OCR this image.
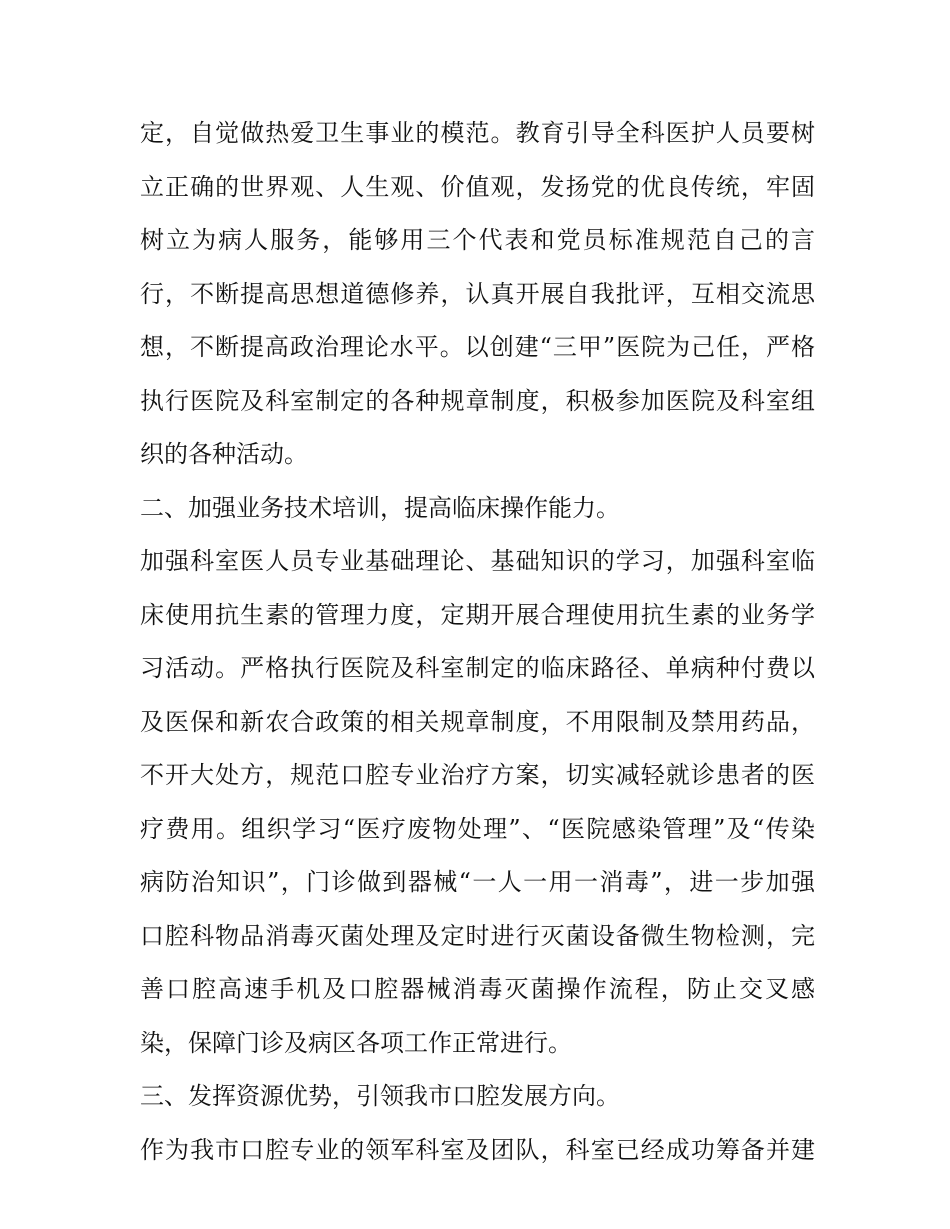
定，自觉做热爱卫生事业的模范。教育引导全科医护人员要树
立正确的世界观、人生观、价值观，发扬党的优良传统，牢固
树立为病人服务，能够用三个代表和党员标准规范自己的言
行，不断提高思想道德修养，认真开展自我批评，互相交流思
想，不断提高政治理论水平。以创建“三甲”医院为己任，严格
执行医院及科室制定的各种规章制度，积极参加医院及科室组
织的各种活动。
二、加强业务技术培训，提高临床操作能力。
加强科室医人员专业基础理论、基础知识的学习，加强科室临
床使用抗生素的管理力度，定期开展合理使用抗生素的业务学
习活动。严格执行医院及科室制定的临床路径、单病种付费以
及医保和新农合政策的相关规章制度，不用限制及禁用药品，
不开大处方，规范口腔专业治疗方案，切实减轻就诊患者的医
疗费用。组织学习“医疗废物处理”、“医院感染管理”及“传染
病防治知识”，门诊做到器械“一人一用一消毒”，进一步加强
口腔科物品消毒灭菌处理及定时进行灭菌设备微生物检测，完
善口腔高速手机及口腔器械消毒灭菌操作流程，防止交叉感
染，保障门诊及病区各项工作正常进行。
三、发挥资源优势，引领我市口腔发展方向。
作为我市口腔专业的领军科室及团队，科室已经成功筹备并建
